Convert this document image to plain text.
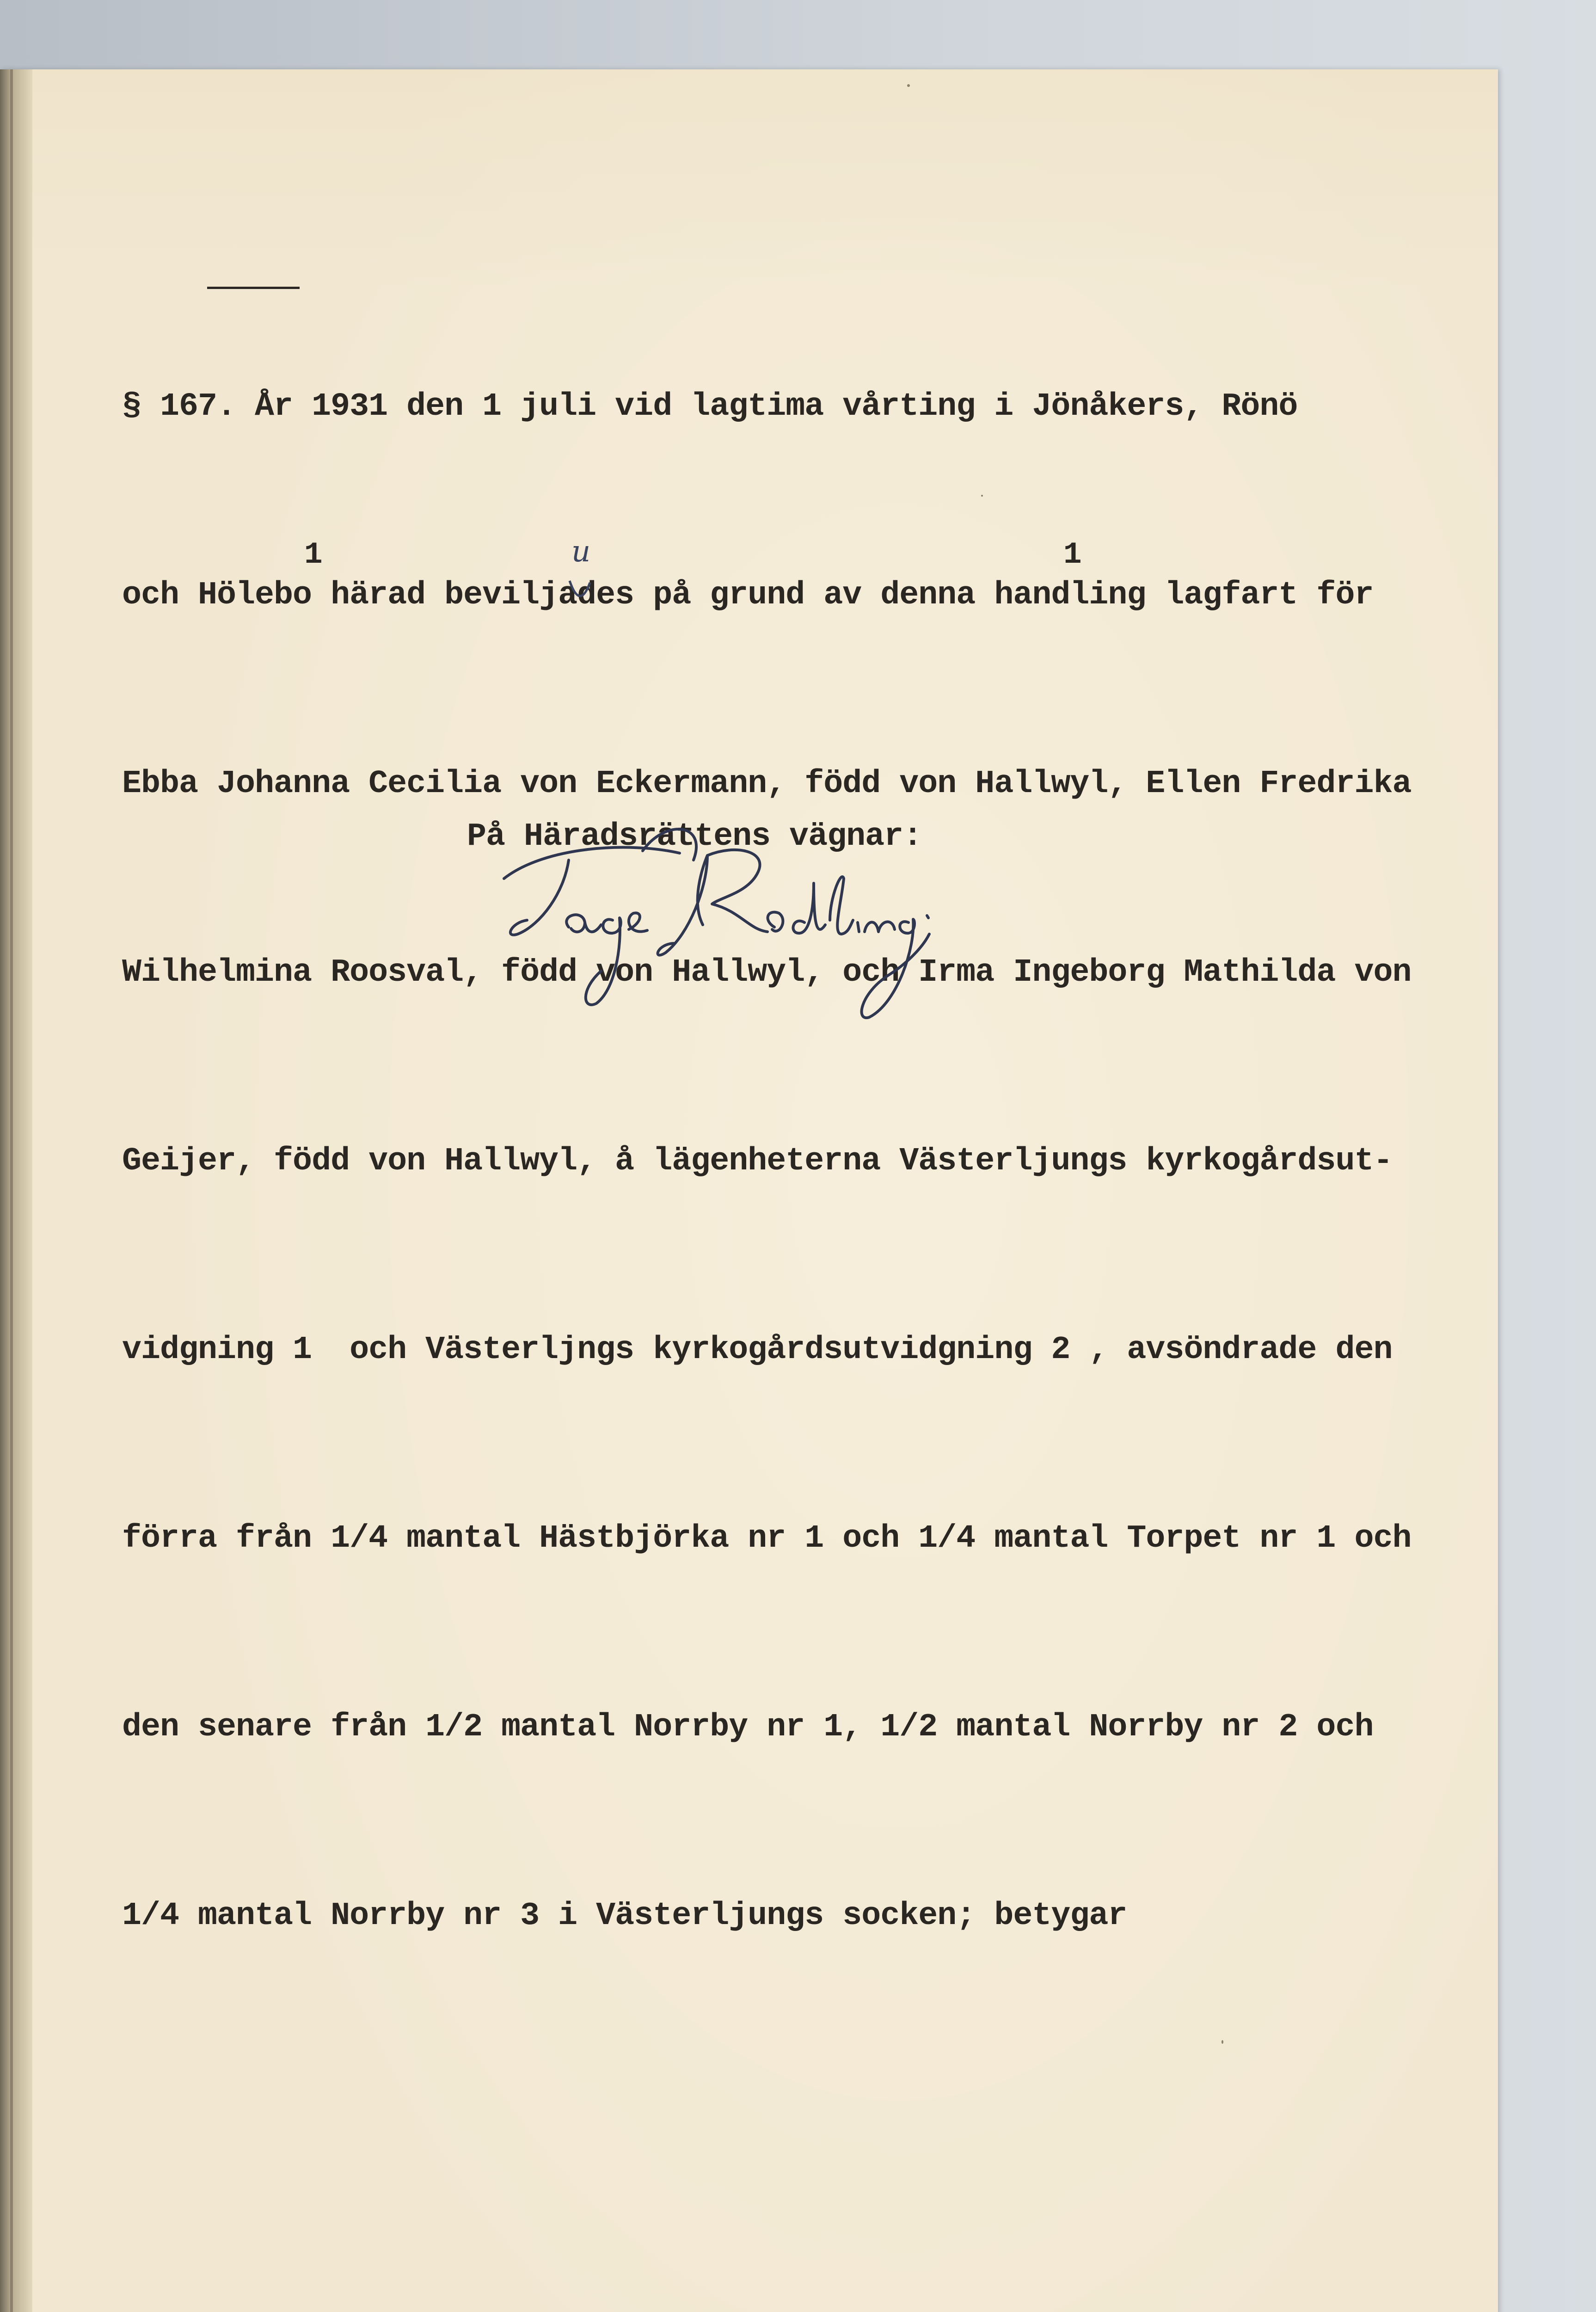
§ 167. År 1931 den 1 juli vid lagtima vårting i Jönåkers, Rönö

och Hölebo härad beviljades på grund av denna handling lagfart för

Ebba Johanna Cecilia von Eckermann, född von Hallwyl, Ellen Fredrika

Wilhelmina Roosval, född von Hallwyl, och Irma Ingeborg Mathilda von

Geijer, född von Hallwyl, å lägenheterna Västerljungs kyrkogårdsut-

vidgning 1  och Västerljngs kyrkogårdsutvidgning 2 , avsöndrade den

förra från 1/4 mantal Hästbjörka nr 1 och 1/4 mantal Torpet nr 1 och

den senare från 1/2 mantal Norrby nr 1, 1/2 mantal Norrby nr 2 och

1/4 mantal Norrby nr 3 i Västerljungs socken; betygar

1	1
u
På Häradsrättens vägnar:
